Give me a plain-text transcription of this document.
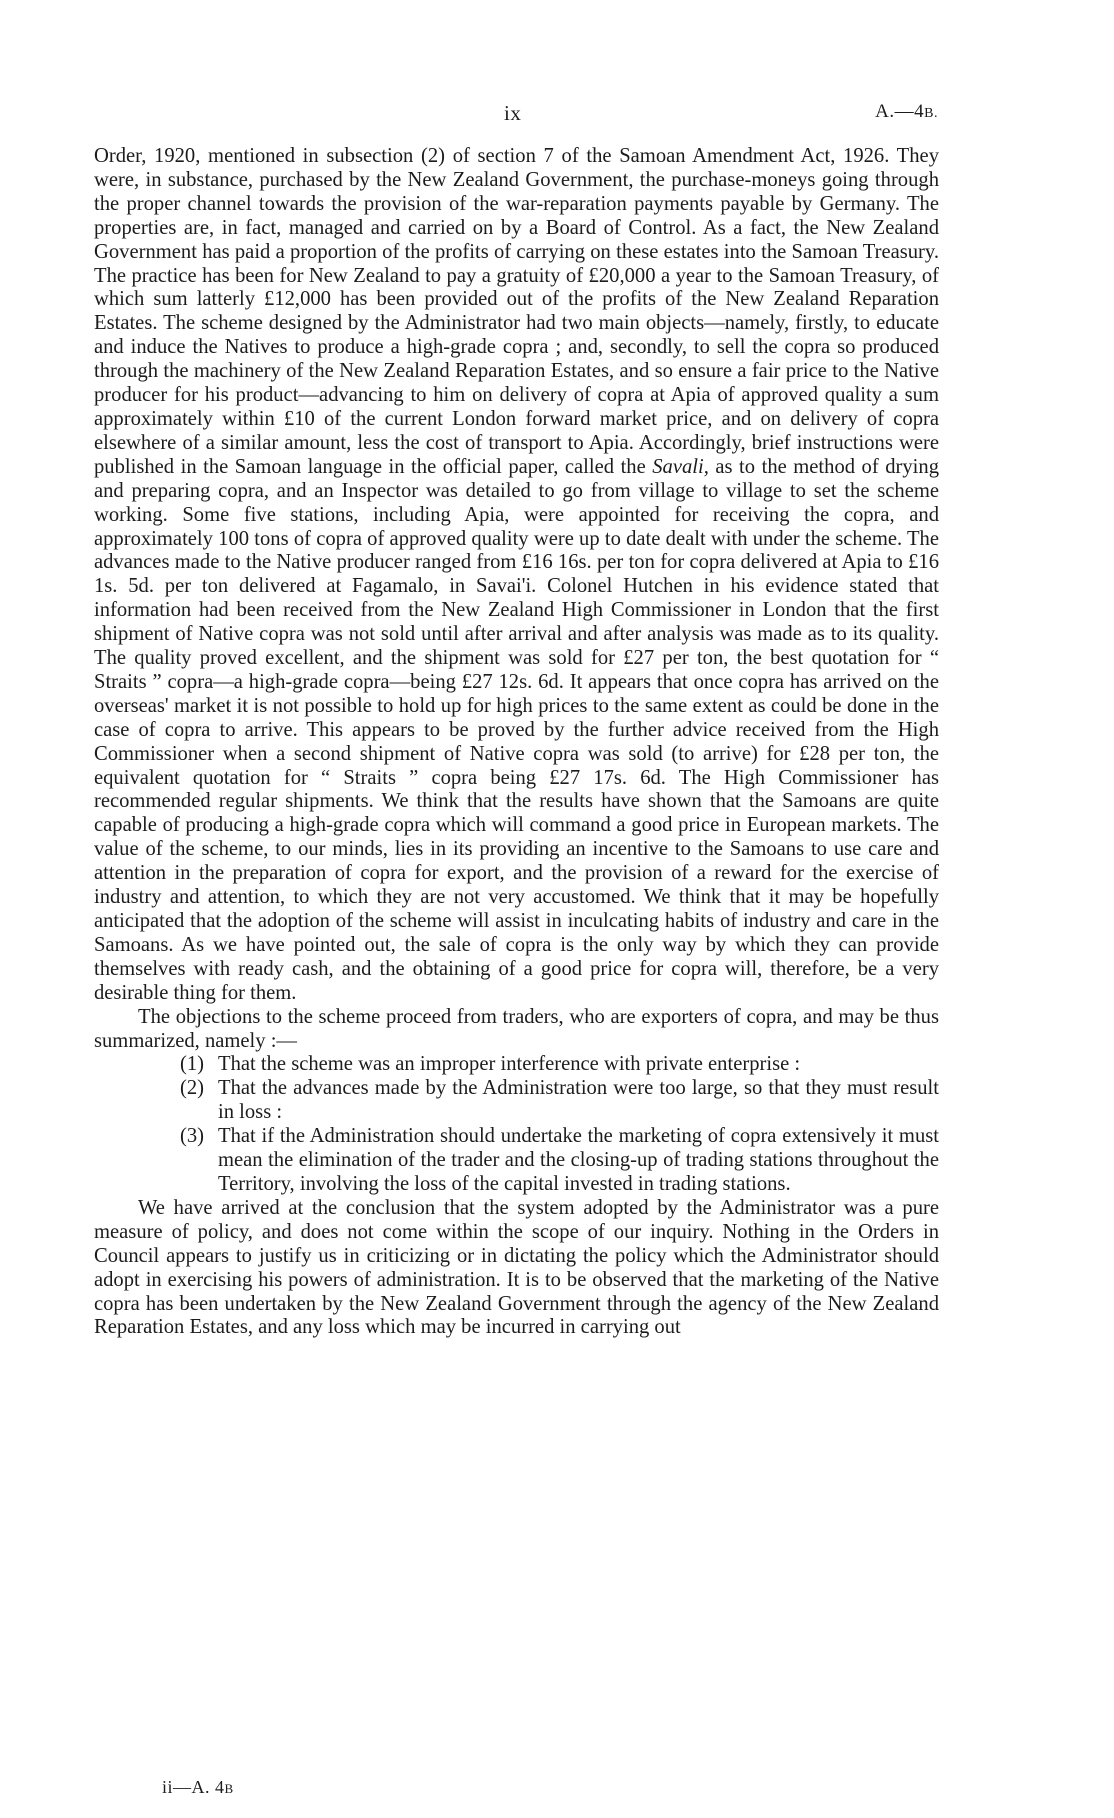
ix	A.—4B.

Order, 1920, mentioned in subsection (2) of section 7 of the Samoan Amendment Act, 1926. They were, in substance, purchased by the New Zealand Government, the purchase-moneys going through the proper channel towards the provision of the war-reparation payments payable by Germany. The properties are, in fact, managed and carried on by a Board of Control. As a fact, the New Zealand Government has paid a proportion of the profits of carrying on these estates into the Samoan Treasury. The practice has been for New Zealand to pay a gratuity of £20,000 a year to the Samoan Treasury, of which sum latterly £12,000 has been provided out of the profits of the New Zealand Reparation Estates. The scheme designed by the Administrator had two main objects—namely, firstly, to educate and induce the Natives to produce a high-grade copra ; and, secondly, to sell the copra so produced through the machinery of the New Zealand Reparation Estates, and so ensure a fair price to the Native producer for his product—advancing to him on delivery of copra at Apia of approved quality a sum approximately within £10 of the current London forward market price, and on delivery of copra elsewhere of a similar amount, less the cost of transport to Apia. Accordingly, brief instructions were published in the Samoan language in the official paper, called the Savali, as to the method of drying and preparing copra, and an Inspector was detailed to go from village to village to set the scheme working. Some five stations, including Apia, were appointed for receiving the copra, and approximately 100 tons of copra of approved quality were up to date dealt with under the scheme. The advances made to the Native producer ranged from £16 16s. per ton for copra delivered at Apia to £16 1s. 5d. per ton delivered at Fagamalo, in Savai'i. Colonel Hutchen in his evidence stated that information had been received from the New Zealand High Commissioner in London that the first shipment of Native copra was not sold until after arrival and after analysis was made as to its quality. The quality proved excellent, and the shipment was sold for £27 per ton, the best quotation for “ Straits ” copra—a high-grade copra—being £27 12s. 6d. It appears that once copra has arrived on the overseas' market it is not possible to hold up for high prices to the same extent as could be done in the case of copra to arrive. This appears to be proved by the further advice received from the High Commissioner when a second shipment of Native copra was sold (to arrive) for £28 per ton, the equivalent quotation for “ Straits ” copra being £27 17s. 6d. The High Commissioner has recommended regular shipments. We think that the results have shown that the Samoans are quite capable of producing a high-grade copra which will command a good price in European markets. The value of the scheme, to our minds, lies in its providing an incentive to the Samoans to use care and attention in the preparation of copra for export, and the provision of a reward for the exercise of industry and attention, to which they are not very accustomed. We think that it may be hopefully anticipated that the adoption of the scheme will assist in inculcating habits of industry and care in the Samoans. As we have pointed out, the sale of copra is the only way by which they can provide themselves with ready cash, and the obtaining of a good price for copra will, therefore, be a very desirable thing for them.

The objections to the scheme proceed from traders, who are exporters of copra, and may be thus summarized, namely :—

(1) That the scheme was an improper interference with private enterprise :
(2) That the advances made by the Administration were too large, so that they must result in loss :
(3) That if the Administration should undertake the marketing of copra extensively it must mean the elimination of the trader and the closing-up of trading stations throughout the Territory, involving the loss of the capital invested in trading stations.

We have arrived at the conclusion that the system adopted by the Administrator was a pure measure of policy, and does not come within the scope of our inquiry. Nothing in the Orders in Council appears to justify us in criticizing or in dictating the policy which the Administrator should adopt in exercising his powers of administration. It is to be observed that the marketing of the Native copra has been undertaken by the New Zealand Government through the agency of the New Zealand Reparation Estates, and any loss which may be incurred in carrying out

ii—A. 4B
